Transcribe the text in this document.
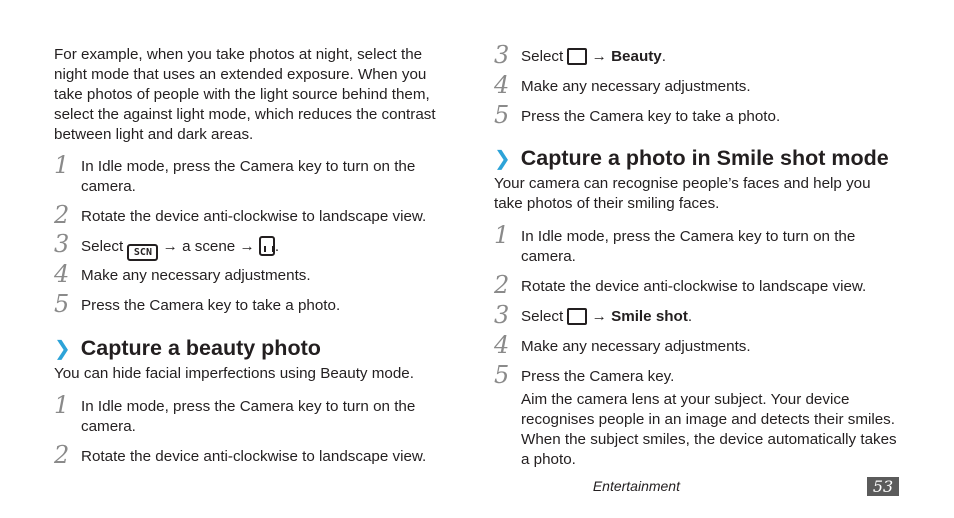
For example, when you take photos at night, select the night mode that uses an extended exposure. When you take photos of people with the light source behind them, select the against light mode, which reduces the contrast between light and dark areas.

1 In Idle mode, press the Camera key to turn on the camera.
2 Rotate the device anti-clockwise to landscape view.
3 Select SCN → a scene → .
4 Make any necessary adjustments.
5 Press the Camera key to take a photo.
❯ Capture a beauty photo

You can hide facial imperfections using Beauty mode.

1 In Idle mode, press the Camera key to turn on the camera.
2 Rotate the device anti-clockwise to landscape view.
3 Select  → Beauty.
4 Make any necessary adjustments.
5 Press the Camera key to take a photo.
❯ Capture a photo in Smile shot mode

Your camera can recognise people’s faces and help you take photos of their smiling faces.

1 In Idle mode, press the Camera key to turn on the camera.
2 Rotate the device anti-clockwise to landscape view.
3 Select  → Smile shot.
4 Make any necessary adjustments.
5 Press the Camera key.
Aim the camera lens at your subject. Your device recognises people in an image and detects their smiles. When the subject smiles, the device automatically takes a photo.
Entertainment	53
